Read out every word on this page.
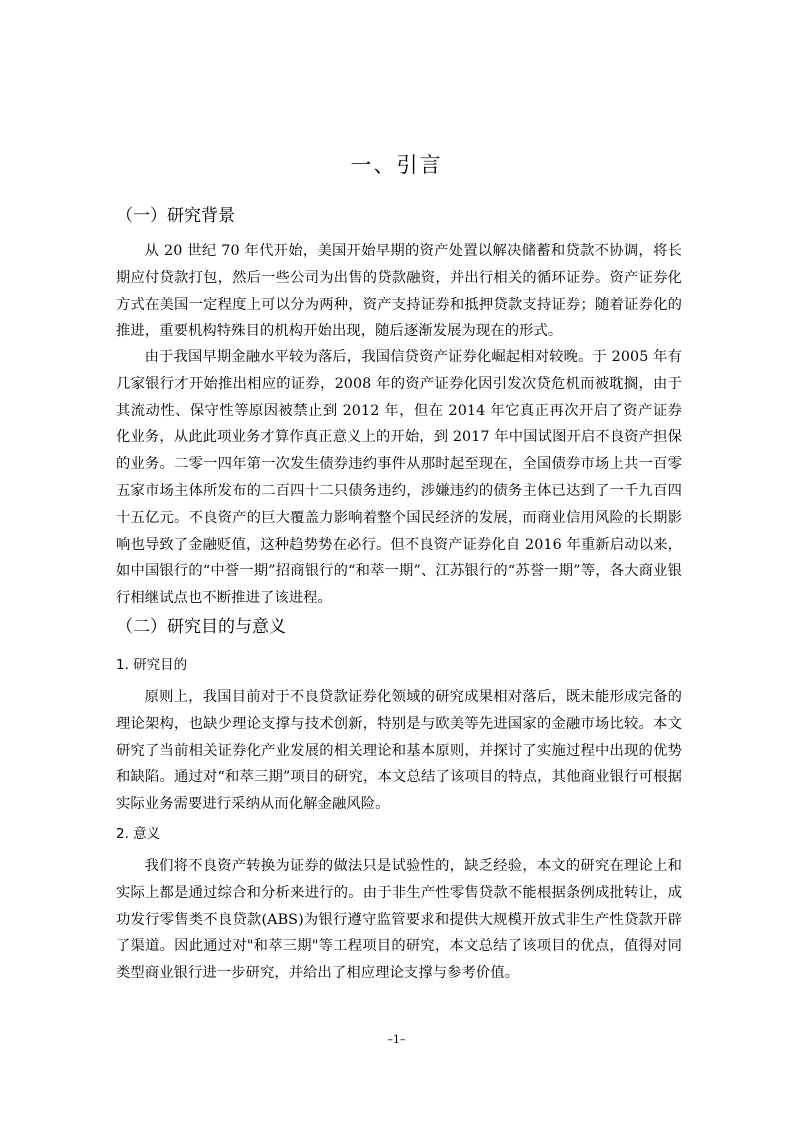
一、引言
（一）研究背景
从 20 世纪 70 年代开始，美国开始早期的资产处置以解决储蓄和贷款不协调，将长期应付贷款打包，然后一些公司为出售的贷款融资，并出行相关的循环证券。资产证券化方式在美国一定程度上可以分为两种，资产支持证券和抵押贷款支持证券；随着证券化的推进，重要机构特殊目的机构开始出现，随后逐渐发展为现在的形式。
由于我国早期金融水平较为落后，我国信贷资产证券化崛起相对较晚。于 2005 年有几家银行才开始推出相应的证券，2008 年的资产证券化因引发次贷危机而被耽搁，由于其流动性、保守性等原因被禁止到 2012 年，但在 2014 年它真正再次开启了资产证券化业务，从此此项业务才算作真正意义上的开始，到 2017 年中国试图开启不良资产担保的业务。二零一四年第一次发生债券违约事件从那时起至现在，全国债券市场上共一百零五家市场主体所发布的二百四十二只债务违约，涉嫌违约的债务主体已达到了一千九百四十五亿元。不良资产的巨大覆盖力影响着整个国民经济的发展，而商业信用风险的长期影响也导致了金融贬值，这种趋势势在必行。但不良资产证券化自 2016 年重新启动以来，如中国银行的“中誉一期”招商银行的“和萃一期”、江苏银行的“苏誉一期”等，各大商业银行相继试点也不断推进了该进程。
（二）研究目的与意义
1. 研究目的
原则上，我国目前对于不良贷款证券化领域的研究成果相对落后，既未能形成完备的理论架构，也缺少理论支撑与技术创新，特别是与欧美等先进国家的金融市场比较。本文研究了当前相关证券化产业发展的相关理论和基本原则，并探讨了实施过程中出现的优势和缺陷。通过对“和萃三期”项目的研究，本文总结了该项目的特点，其他商业银行可根据实际业务需要进行采纳从而化解金融风险。
2. 意义
我们将不良资产转换为证券的做法只是试验性的，缺乏经验，本文的研究在理论上和实际上都是通过综合和分析来进行的。由于非生产性零售贷款不能根据条例成批转让，成功发行零售类不良贷款(ABS)为银行遵守监管要求和提供大规模开放式非生产性贷款开辟了渠道。因此通过对"和萃三期"等工程项目的研究，本文总结了该项目的优点，值得对同类型商业银行进一步研究，并给出了相应理论支撑与参考价值。
–1–
